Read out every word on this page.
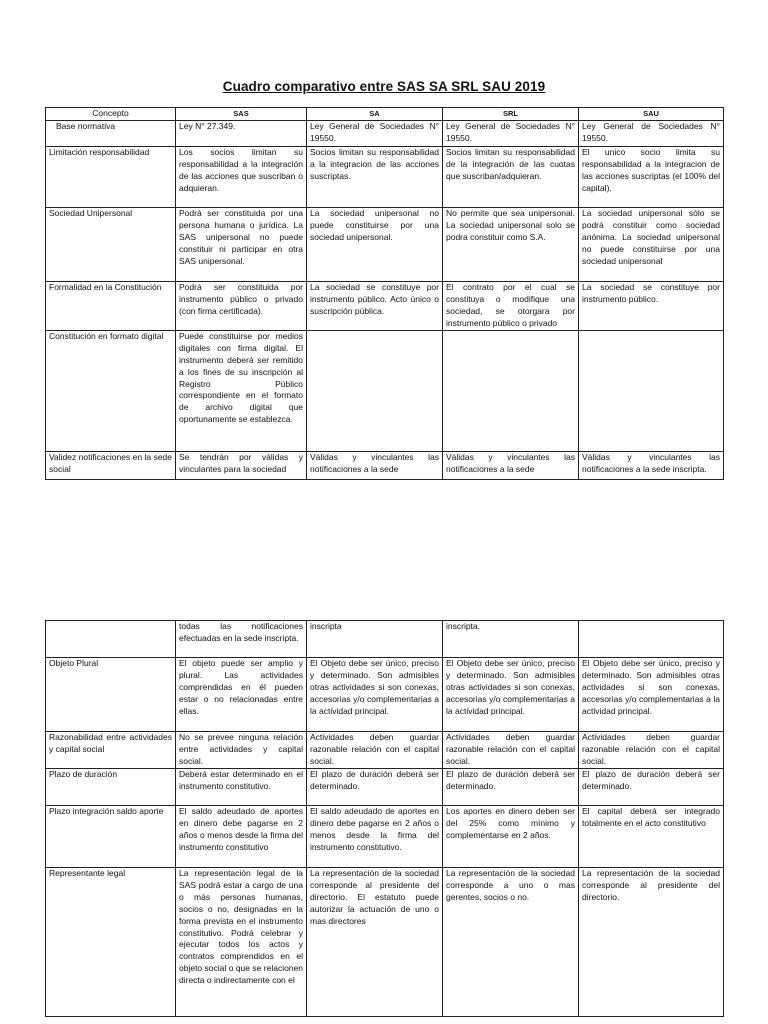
Cuadro comparativo entre SAS SA SRL SAU 2019
Concepto	SAS	SA	SRL	SAU
Base normativa	Ley N° 27.349.	Ley General de Sociedades N° 19550.	Ley General de Sociedades N° 19550.	Ley General de Sociedades N° 19550.
Limitación responsabilidad	Los socios limitan su responsabilidad a la integración de las acciones que suscriban o adquieran.	Socios limitan su responsabilidad a la integracion de las acciones suscriptas.	Socios limitan su responsabilidad de la integración de las cuotas que suscriban/adquieran.	El unico socio limita su responsabilidad a la integracion de las acciones suscriptas (el 100% del capital).
Sociedad Unipersonal	Podrá ser constituida por una persona humana o jurídica. La SAS unipersonal no puede constituir ni participar en otra SAS unipersonal.	La sociedad unipersonal no puede constituirse por una sociedad unipersonal.	No permite que sea unipersonal. La sociedad unipersonal solo se podra constituir como S.A.	La sociedad unipersonal sólo se podrá constituir como sociedad anónima. La sociedad unipersonal no puede constituirse por una sociedad unipersonal
Formalidad en la Constitución	Podrá ser constituida por instrumento público o privado (con firma certificada).	La sociedad se constituye por instrumento público. Acto único o suscripción pública.	El contrato por el cual se constituya o modifique una sociedad, se otorgara por instrumento público o privado	La sociedad se constituye por instrumento público.
Constitución en formato digital	Puede constituirse por medios digitales con firma digital. El instrumento deberá ser remitido a los fines de su inscripción al Registro Público correspondiente en el formato de archivo digital que oportunamente se establezca.			
Validez notificaciones en la sede social	Se tendrán por válidas y vinculantes para la sociedad	Válidas y vinculantes las notificaciones a la sede	Válidas y vinculantes las notificaciones a la sede	Válidas y vinculantes las notificaciones a la sede inscripta.
	todas las notificaciones efectuadas en la sede inscripta.	inscripta	inscripta.	
Objeto Plural	El objeto puede ser amplio y plural. Las actividades comprendidas en él pueden estar o no relacionadas entre ellas.	El Objeto debe ser único, preciso y determinado. Son admisibles otras actividades si son conexas, accesorias y/o complementarias a la actividad principal.	El Objeto debe ser único, preciso y determinado. Son admisibles otras actividades si son conexas, accesorias y/o complementarias a la actividad principal.	El Objeto debe ser único, preciso y determinado. Son admisibles otras actividades si son conexas, accesorias y/o complementarias a la actividad principal.
Razonabilidad entre actividades y capital social	No se prevee ninguna relación entre actividades y capital social.	Actividades deben guardar razonable relación con el capital social.	Actividades deben guardar razonable relación con el capital social.	Actividades deben guardar razonable relación con el capital social.
Plazo de duración	Deberá estar determinado en el instrumento constitutivo.	El plazo de duración deberá ser determinado.	El plazo de duración deberá ser determinado.	El plazo de duración deberá ser determinado.
Plazo integración saldo aporte	El saldo adeudado de aportes en dinero debe pagarse en 2 años o menos desde la firma del instrumento constitutivo	El saldo adeudado de aportes en dinero debe pagarse en 2 años o menos desde la firma del instrumento constitutivo.	Los aportes en dinero deben ser del 25% como mínimo y complementarse en 2 años.	El capital deberá ser integrado totalmente en el acto constitutivo
Representante legal	La representación legal de la SAS podrá estar a cargo de una o más personas humanas, socios o no, designadas en la forma prevista en el instrumento constitutivo. Podrá celebrar y ejecutar todos los actos y contratos comprendidos en el objeto social o que se relacionen directa o indirectamente con el	La representación de la sociedad corresponde al presidente del directorio. El estatuto puede autorizar la actuación de uno o mas directores	La representación de la sociedad corresponde a uno o mas gerentes, socios o no.	La representación de la sociedad corresponde al presidente del directorio.
